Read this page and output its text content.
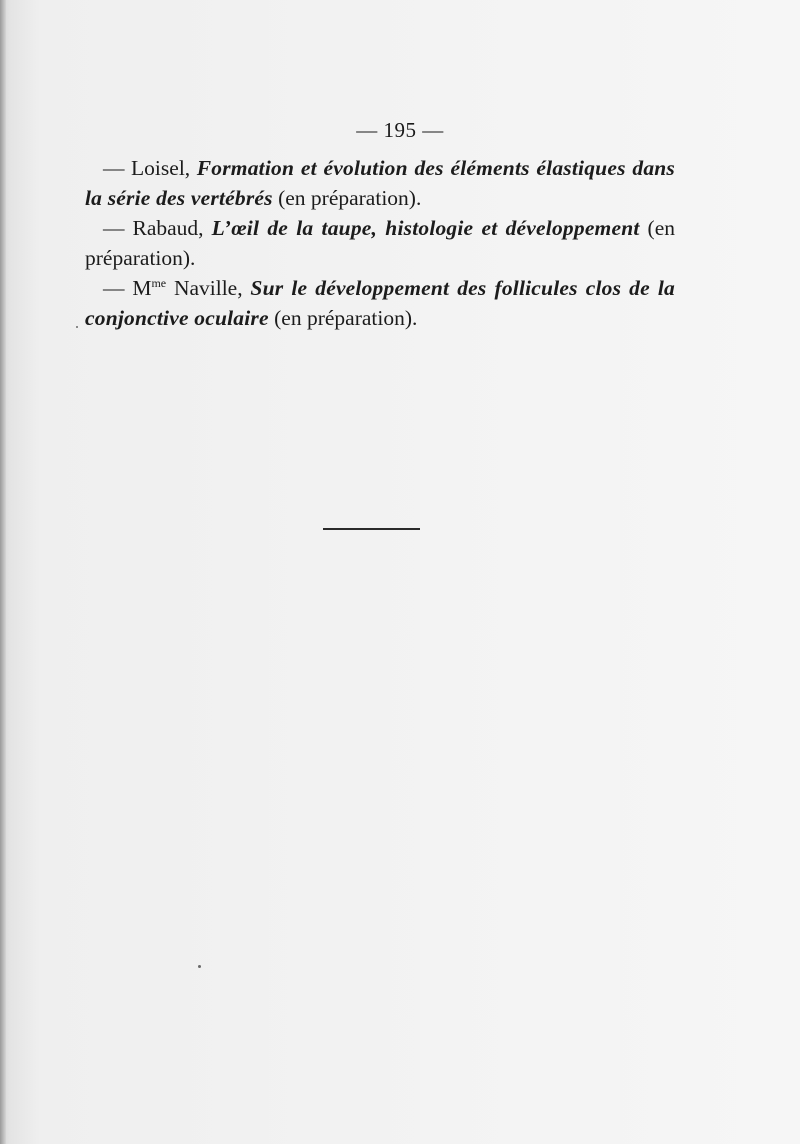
— 195 —

— Loisel, Formation et évolution des éléments élastiques dans la série des vertébrés (en préparation).

— Rabaud, L’œil de la taupe, histologie et développement (en préparation).

— $M^{me}$ Naville, Sur le développement des follicules clos de la conjonctive oculaire (en préparation).
